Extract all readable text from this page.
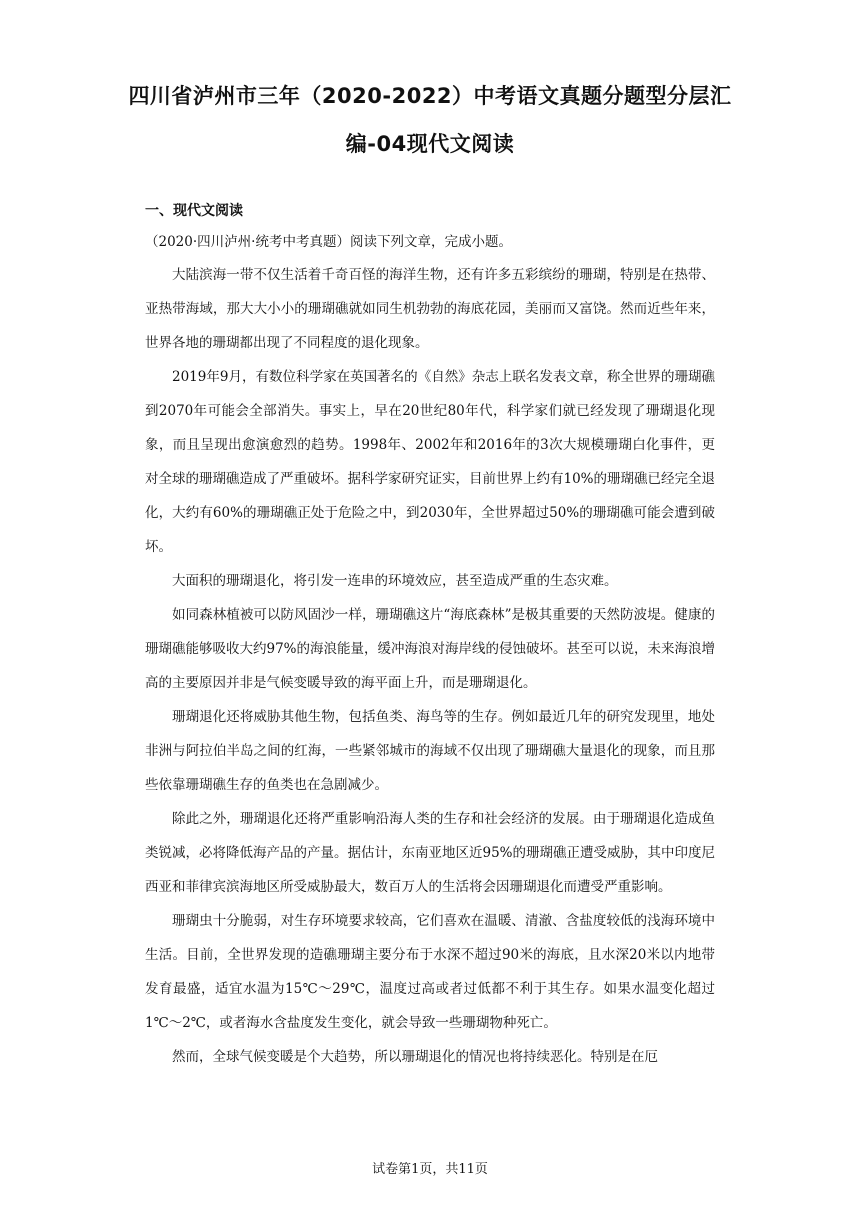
四川省泸州市三年（2020-2022）中考语文真题分题型分层汇
编-04现代文阅读
一、现代文阅读

（2020·四川泸州·统考中考真题）阅读下列文章，完成小题。

大陆滨海一带不仅生活着千奇百怪的海洋生物，还有许多五彩缤纷的珊瑚，特别是在热带、亚热带海域，那大大小小的珊瑚礁就如同生机勃勃的海底花园，美丽而又富饶。然而近些年来，世界各地的珊瑚都出现了不同程度的退化现象。

2019年9月，有数位科学家在英国著名的《自然》杂志上联名发表文章，称全世界的珊瑚礁到2070年可能会全部消失。事实上，早在20世纪80年代，科学家们就已经发现了珊瑚退化现象，而且呈现出愈演愈烈的趋势。1998年、2002年和2016年的3次大规模珊瑚白化事件，更对全球的珊瑚礁造成了严重破坏。据科学家研究证实，目前世界上约有10%的珊瑚礁已经完全退化，大约有60%的珊瑚礁正处于危险之中，到2030年，全世界超过50%的珊瑚礁可能会遭到破坏。

大面积的珊瑚退化，将引发一连串的环境效应，甚至造成严重的生态灾难。

如同森林植被可以防风固沙一样，珊瑚礁这片“海底森林”是极其重要的天然防波堤。健康的珊瑚礁能够吸收大约97%的海浪能量，缓冲海浪对海岸线的侵蚀破坏。甚至可以说，未来海浪增高的主要原因并非是气候变暖导致的海平面上升，而是珊瑚退化。

珊瑚退化还将威胁其他生物，包括鱼类、海鸟等的生存。例如最近几年的研究发现里，地处非洲与阿拉伯半岛之间的红海，一些紧邻城市的海域不仅出现了珊瑚礁大量退化的现象，而且那些依靠珊瑚礁生存的鱼类也在急剧减少。

除此之外，珊瑚退化还将严重影响沿海人类的生存和社会经济的发展。由于珊瑚退化造成鱼类锐减，必将降低海产品的产量。据估计，东南亚地区近95%的珊瑚礁正遭受威胁，其中印度尼西亚和菲律宾滨海地区所受威胁最大，数百万人的生活将会因珊瑚退化而遭受严重影响。

珊瑚虫十分脆弱，对生存环境要求较高，它们喜欢在温暖、清澈、含盐度较低的浅海环境中生活。目前，全世界发现的造礁珊瑚主要分布于水深不超过90米的海底，且水深20米以内地带发育最盛，适宜水温为15℃～29℃，温度过高或者过低都不利于其生存。如果水温变化超过1℃～2℃，或者海水含盐度发生变化，就会导致一些珊瑚物种死亡。

然而，全球气候变暖是个大趋势，所以珊瑚退化的情况也将持续恶化。特别是在厄

试卷第1页，共11页
